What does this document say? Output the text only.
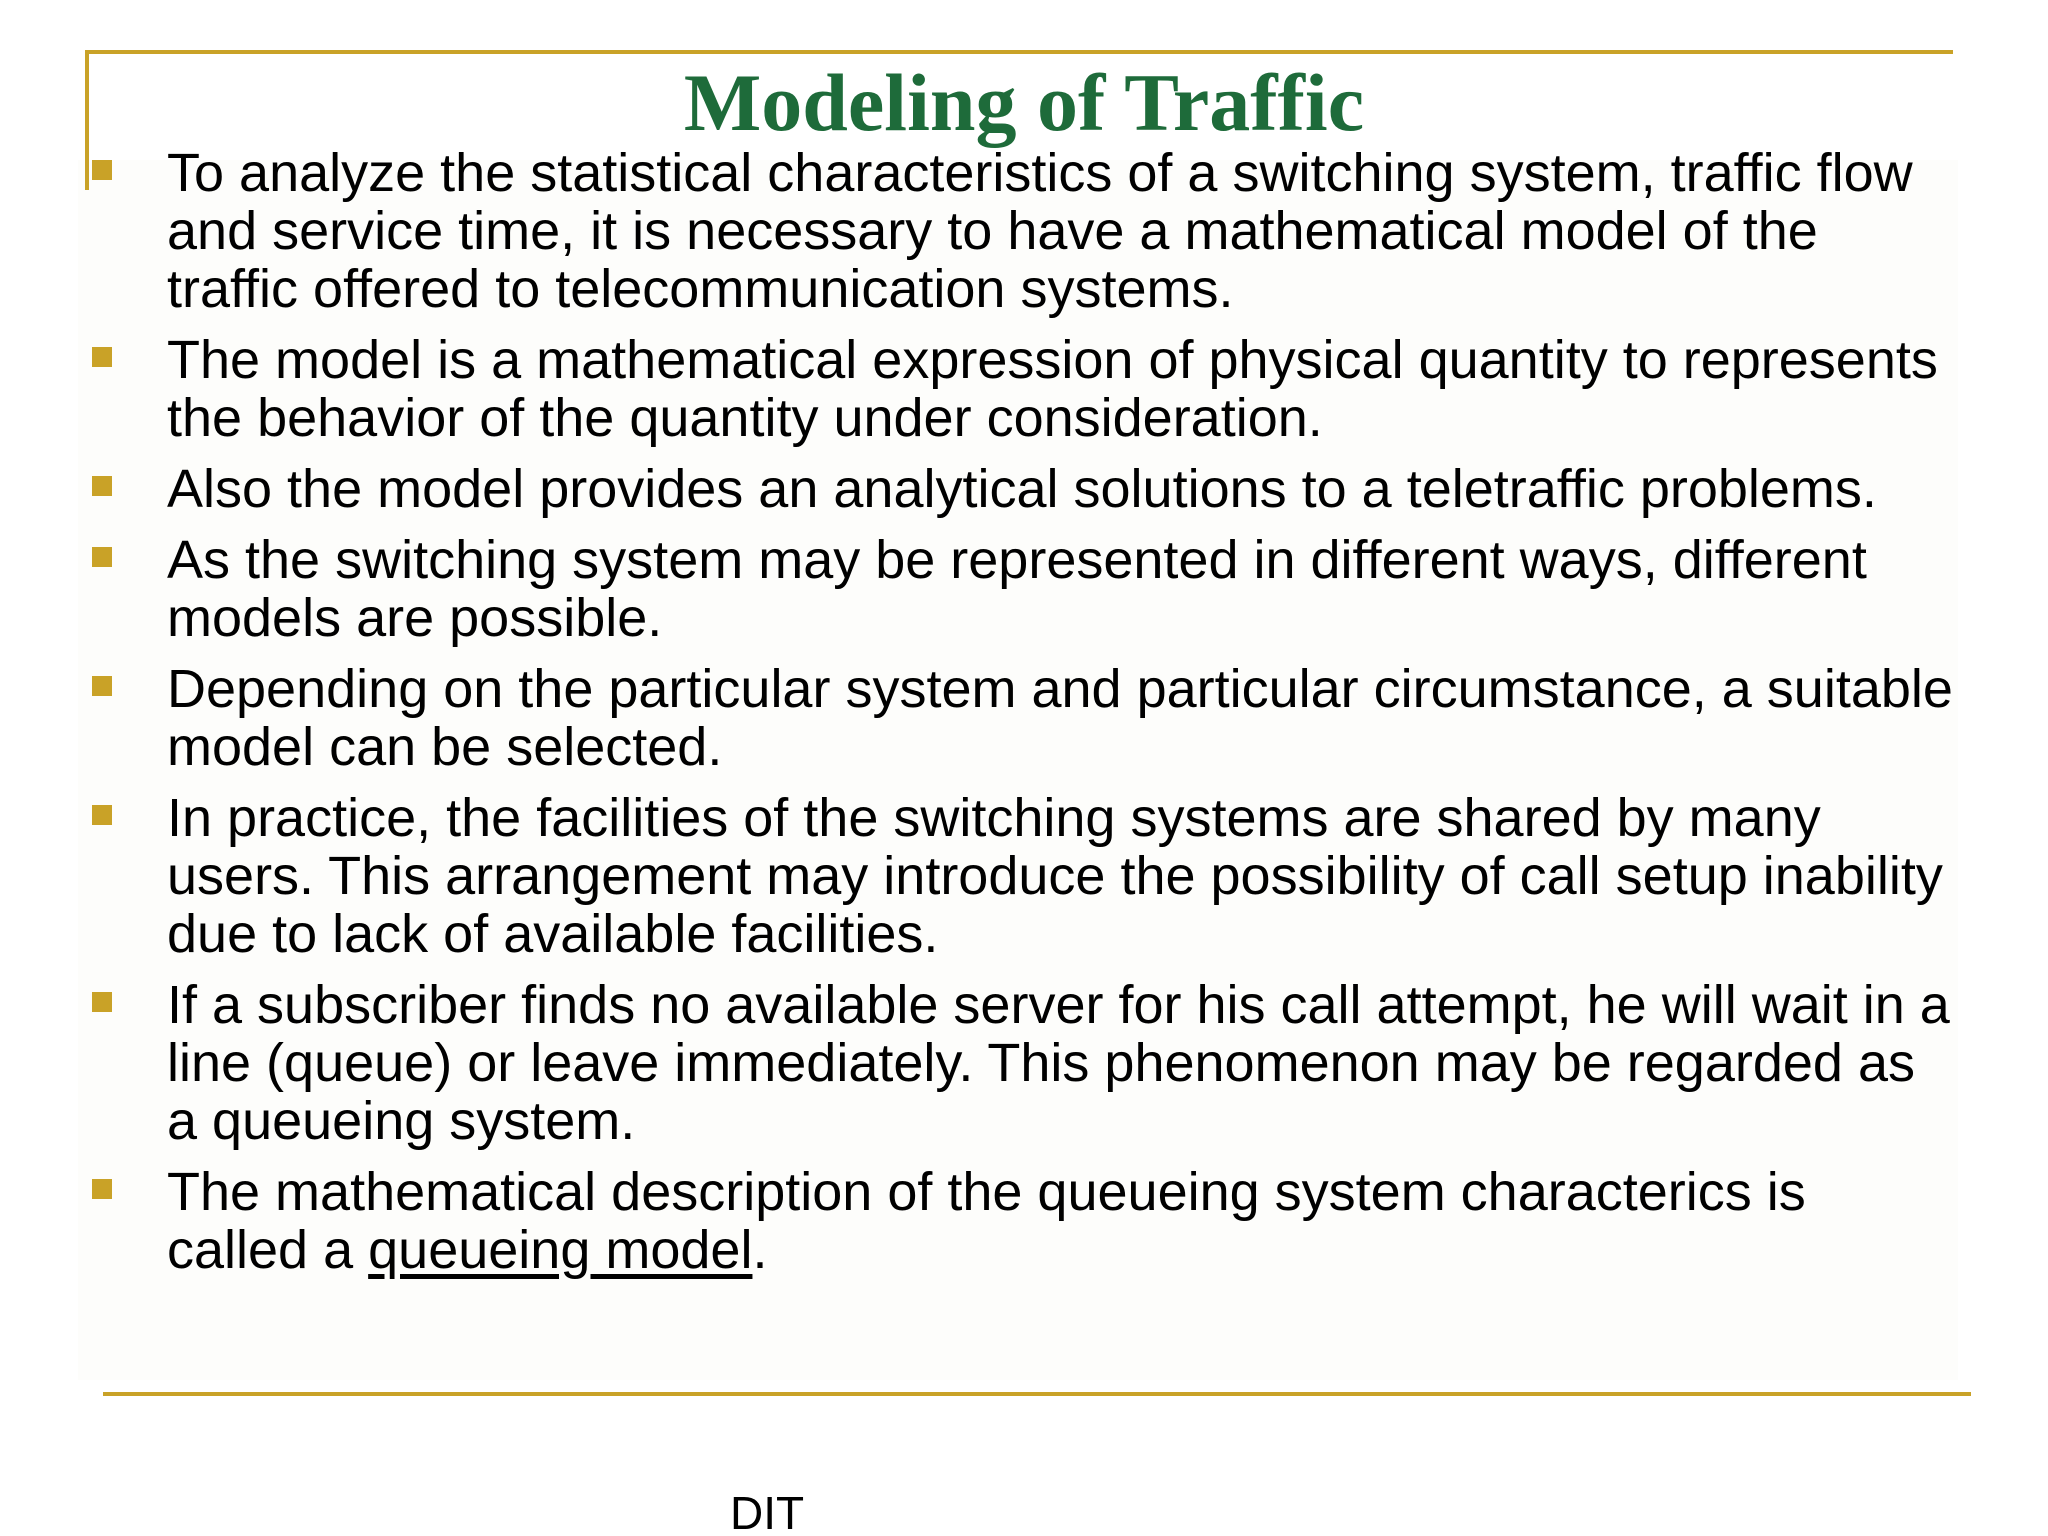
Modeling of Traffic
To analyze the statistical characteristics of a switching system, traffic flow and service time, it is necessary to have a mathematical model of the traffic offered to telecommunication systems.
The model is a mathematical expression of physical quantity to represents the behavior of the quantity under consideration.
Also the model provides an analytical solutions to a teletraffic problems.
As the switching system may be represented in different ways, different models are possible.
Depending on the particular system and particular circumstance, a suitable model can be selected.
In practice, the facilities of the switching systems are shared by many users. This arrangement may introduce the possibility of call setup inability due to lack of available facilities.
If a subscriber finds no available server for his call attempt, he will wait in a line (queue) or leave immediately. This phenomenon may be regarded as a queueing system.
The mathematical description of the queueing system characterics is called a queueing model.
DIT
